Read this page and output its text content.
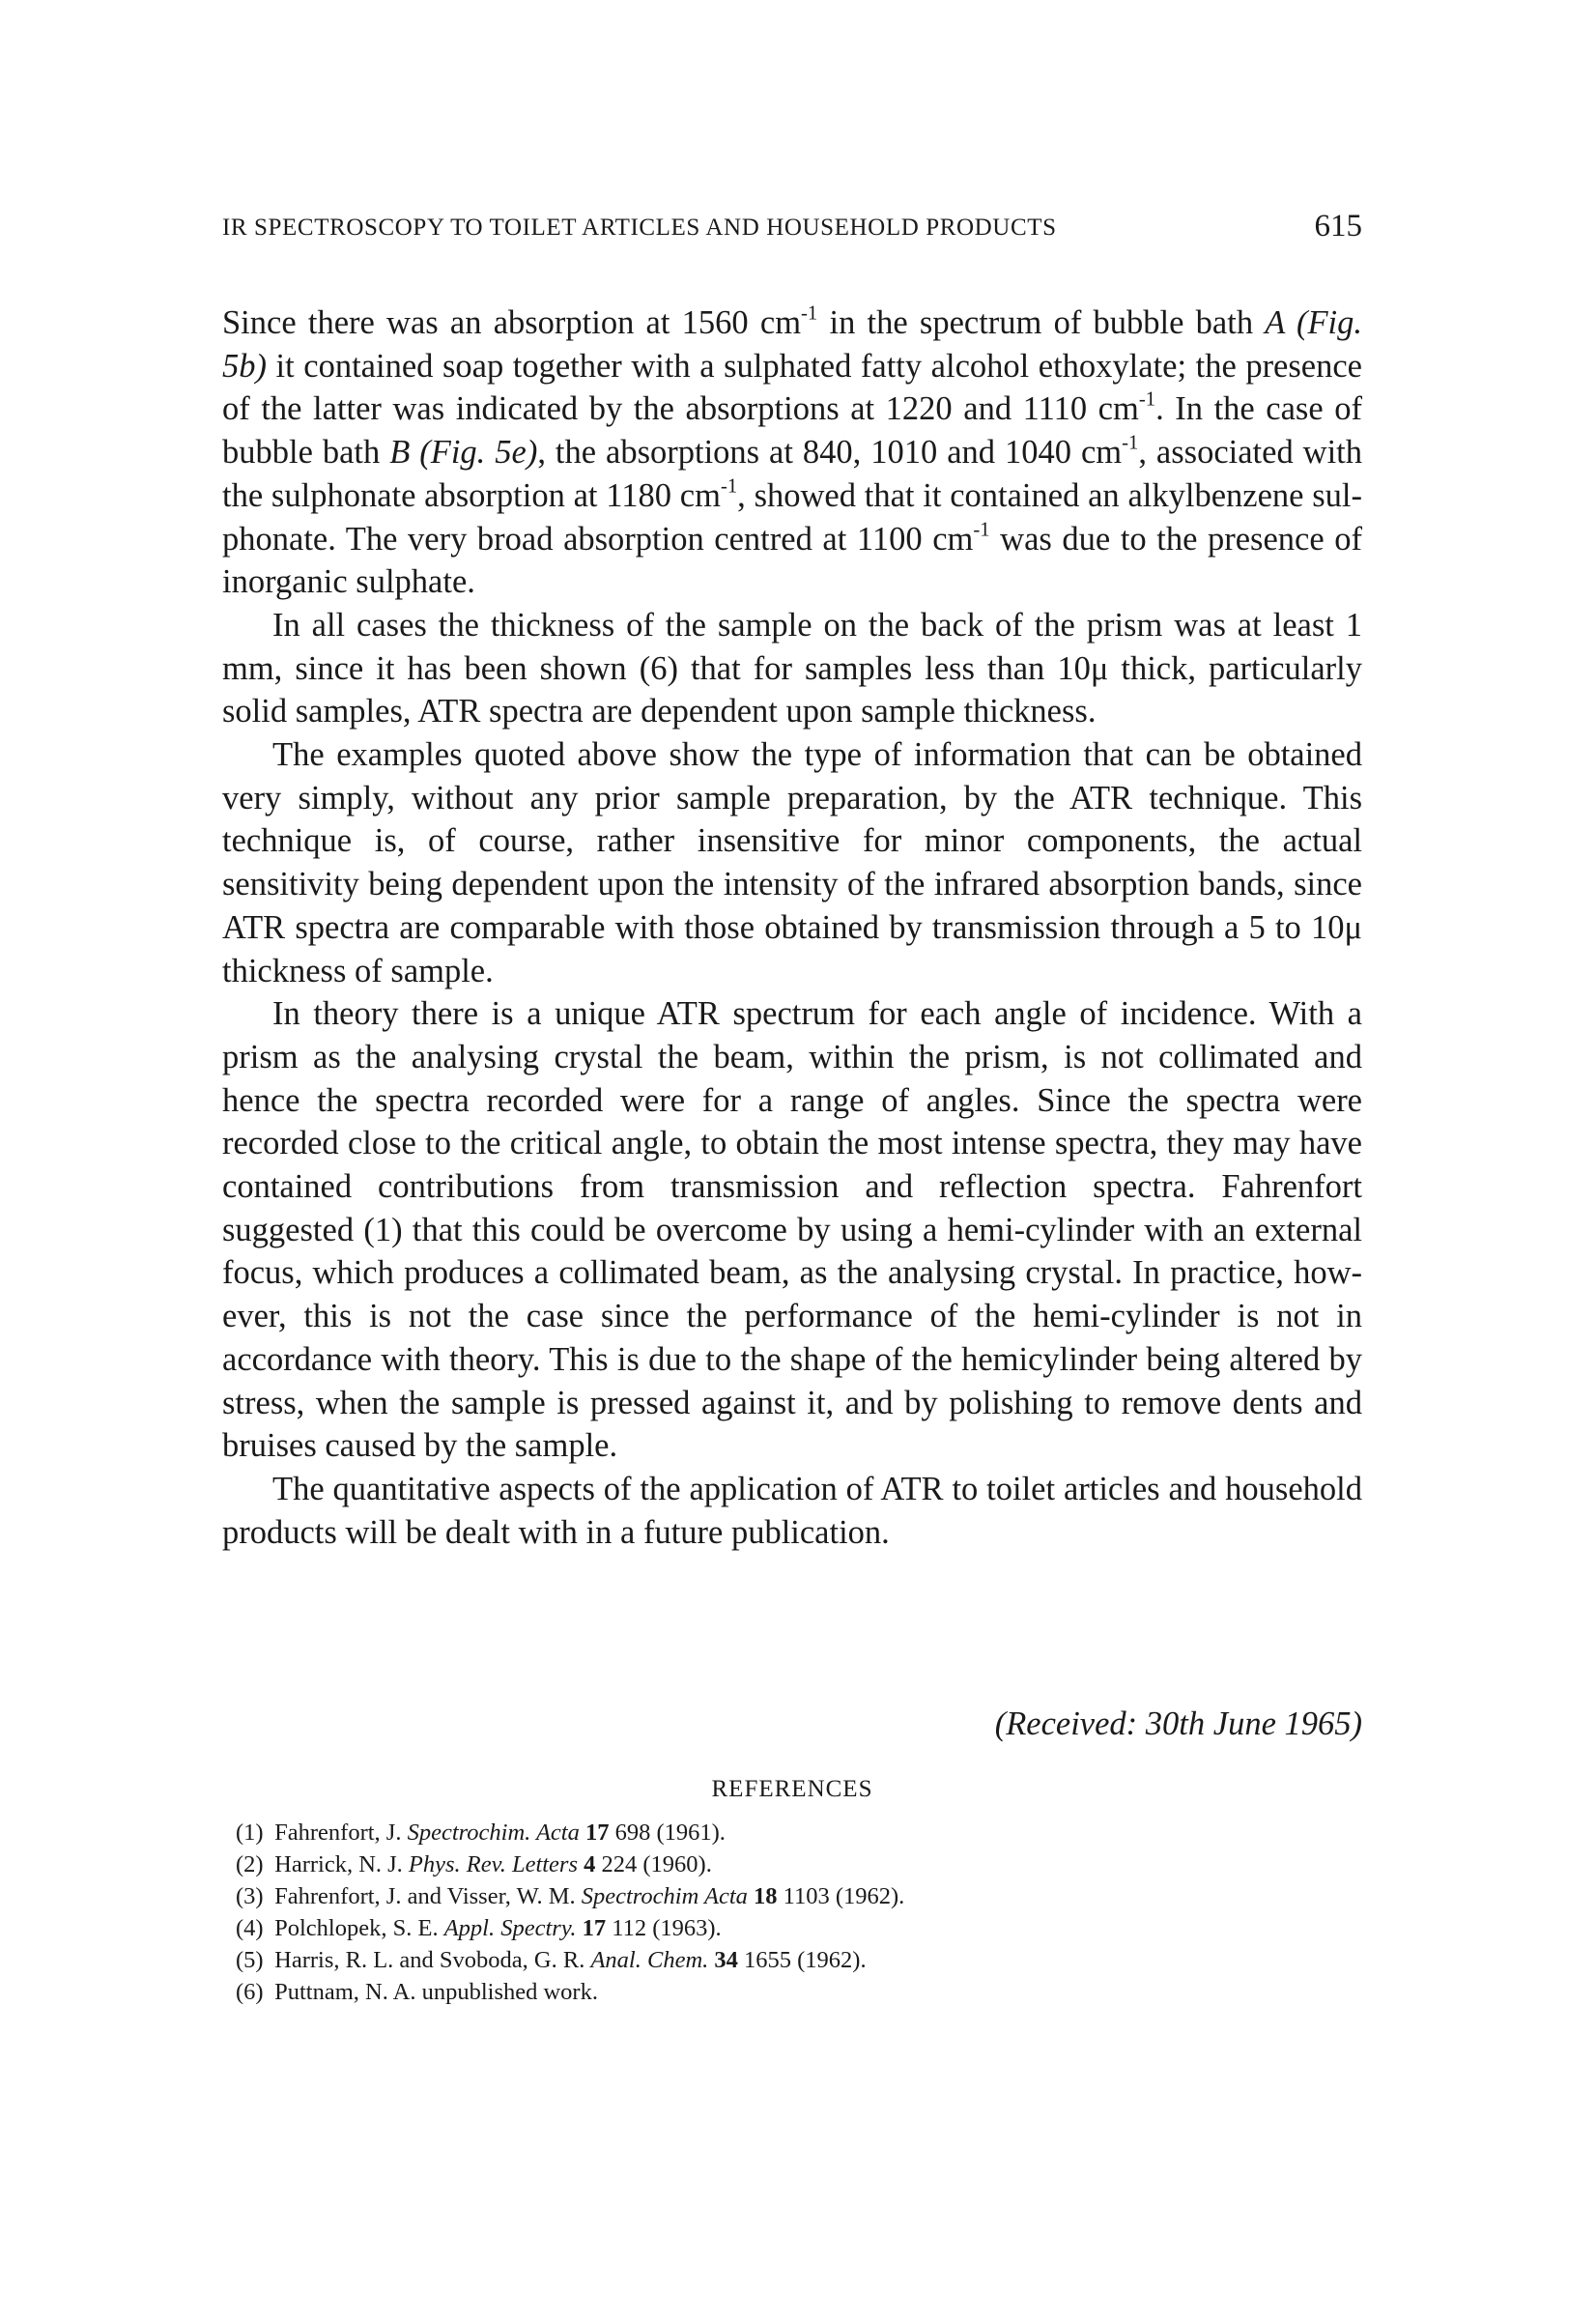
IR SPECTROSCOPY TO TOILET ARTICLES AND HOUSEHOLD PRODUCTS	615

Since there was an absorption at 1560 $cm^{-1}$ in the spectrum of bubble bath A (Fig. 5b) it contained soap together with a sulphated fatty alcohol ethoxylate; the presence of the latter was indicated by the absorptions at 1220 and 1110 $cm^{-1}$. In the case of bubble bath B (Fig. 5e), the absorptions at 840, 1010 and 1040 $cm^{-1}$, associated with the sulphonate absorption at 1180 $cm^{-1}$, showed that it contained an alkylbenzene sulphonate. The very broad absorption centred at 1100 $cm^{-1}$ was due to the presence of inorganic sulphate.

In all cases the thickness of the sample on the back of the prism was at least 1 mm, since it has been shown (6) that for samples less than 10μ thick, particularly solid samples, ATR spectra are dependent upon sample thickness.

The examples quoted above show the type of information that can be obtained very simply, without any prior sample preparation, by the ATR technique. This technique is, of course, rather insensitive for minor components, the actual sensitivity being dependent upon the intensity of the infrared absorption bands, since ATR spectra are comparable with those obtained by transmission through a 5 to 10μ thickness of sample.

In theory there is a unique ATR spectrum for each angle of incidence. With a prism as the analysing crystal the beam, within the prism, is not collimated and hence the spectra recorded were for a range of angles. Since the spectra were recorded close to the critical angle, to obtain the most intense spectra, they may have contained contributions from transmission and reflection spectra. Fahrenfort suggested (1) that this could be overcome by using a hemi-cylinder with an external focus, which produces a collimated beam, as the analysing crystal. In practice, however, this is not the case since the performance of the hemi-cylinder is not in accordance with theory. This is due to the shape of the hemicylinder being altered by stress, when the sample is pressed against it, and by polishing to remove dents and bruises caused by the sample.

The quantitative aspects of the application of ATR to toilet articles and household products will be dealt with in a future publication.

(Received: 30th June 1965)
REFERENCES
(1) Fahrenfort, J. Spectrochim. Acta 17 698 (1961).
(2) Harrick, N. J. Phys. Rev. Letters 4 224 (1960).
(3) Fahrenfort, J. and Visser, W. M. Spectrochim Acta 18 1103 (1962).
(4) Polchlopek, S. E. Appl. Spectry. 17 112 (1963).
(5) Harris, R. L. and Svoboda, G. R. Anal. Chem. 34 1655 (1962).
(6) Puttnam, N. A. unpublished work.
